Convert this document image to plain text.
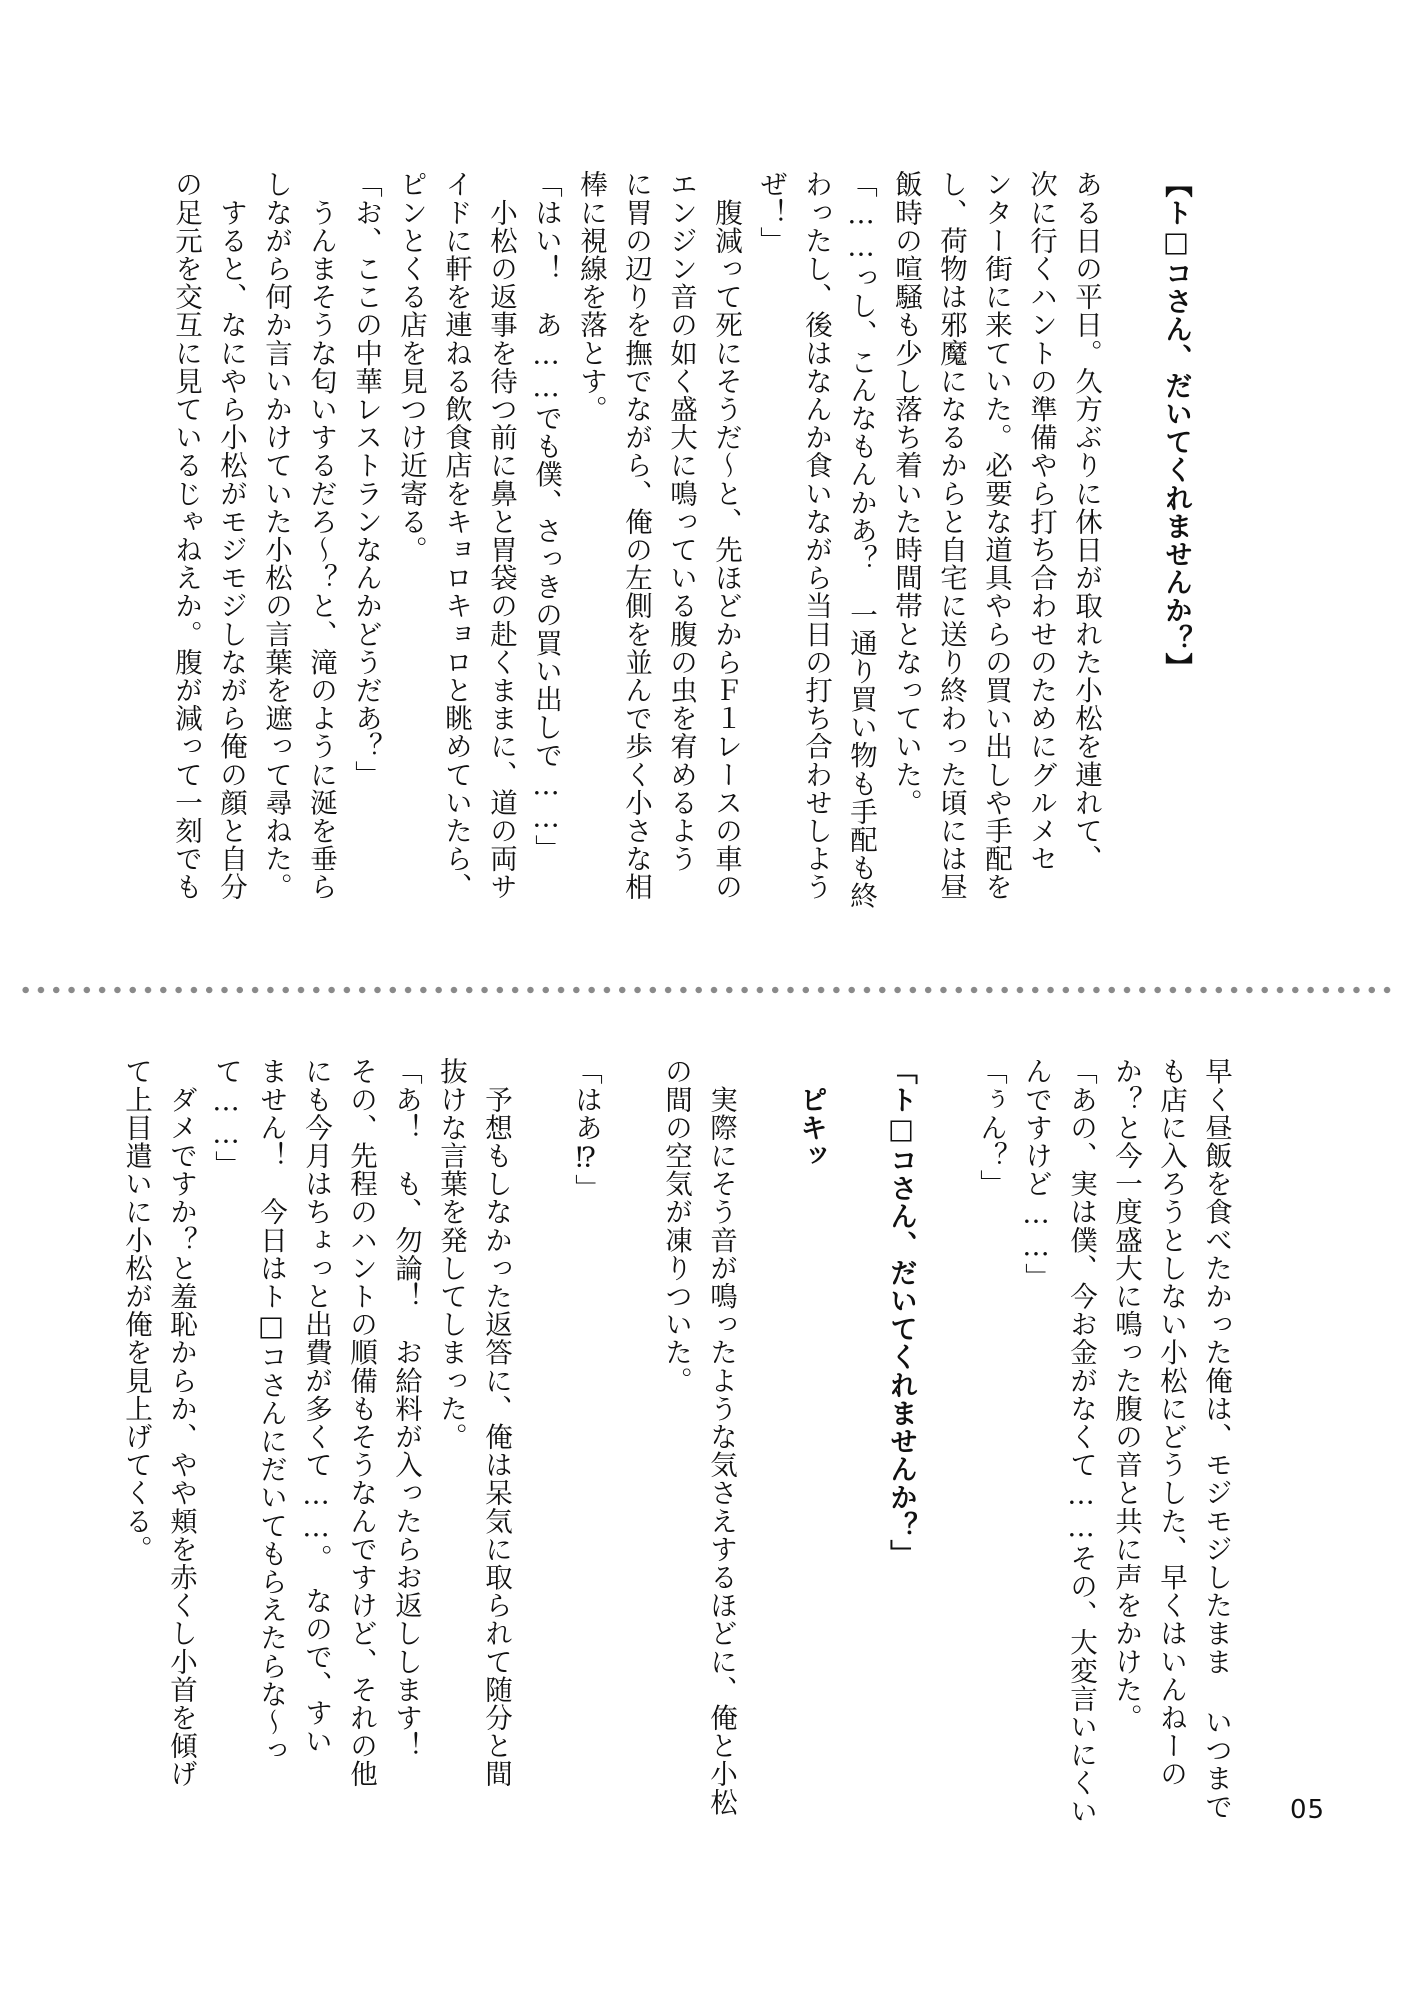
【ト□コさん、だいてくれませんか？】

ある日の平日。久方ぶりに休日が取れた小松を連れて、

次に行くハントの準備やら打ち合わせのためにグルメセ

ンター街に来ていた。必要な道具やらの買い出しや手配を

し、荷物は邪魔になるからと自宅に送り終わった頃には昼

飯時の喧騒も少し落ち着いた時間帯となっていた。

「……っし、こんなもんかあ？　一通り買い物も手配も終

わったし、後はなんか食いながら当日の打ち合わせしよう

ぜ！」

　腹減って死にそうだ～と、先ほどからＦ１レースの車の

エンジン音の如く盛大に鳴っている腹の虫を宥めるよう

に胃の辺りを撫でながら、俺の左側を並んで歩く小さな相

棒に視線を落とす。

「はい！　あ……でも僕、さっきの買い出しで……」

　小松の返事を待つ前に鼻と胃袋の赴くままに、道の両サ

イドに軒を連ねる飲食店をキョロキョロと眺めていたら、

ピンとくる店を見つけ近寄る。

「お、ここの中華レストランなんかどうだあ？」

　うんまそうな匂いするだろ～？と、滝のように涎を垂ら

しながら何か言いかけていた小松の言葉を遮って尋ねた。

　すると、なにやら小松がモジモジしながら俺の顔と自分

の足元を交互に見ているじゃねえか。腹が減って一刻でも

早く昼飯を食べたかった俺は、モジモジしたまま いつまで

も店に入ろうとしない小松にどうした、早くはいんねーの

か？と今一度盛大に鳴った腹の音と共に声をかけた。

「あの、実は僕、今お金がなくて……その、大変言いにくい

んですけど……」

「ぅん？」

「ト□コさん、だいてくれませんか？」

　ピキッ

　実際にそう音が鳴ったような気さえするほどに、俺と小松

の間の空気が凍りついた。

「はあ⁉」

　予想もしなかった返答に、俺は呆気に取られて随分と間

抜けな言葉を発してしまった。

「あ！　も、勿論！　お給料が入ったらお返しします！

その、先程のハントの順備もそうなんですけど、それの他

にも今月はちょっと出費が多くて……。　なので、すい

ません！　今日はト□コさんにだいてもらえたらな～っ

て……」

　ダメですか？と羞恥からか、やや頬を赤くし小首を傾げ

て上目遣いに小松が俺を見上げてくる。

05
